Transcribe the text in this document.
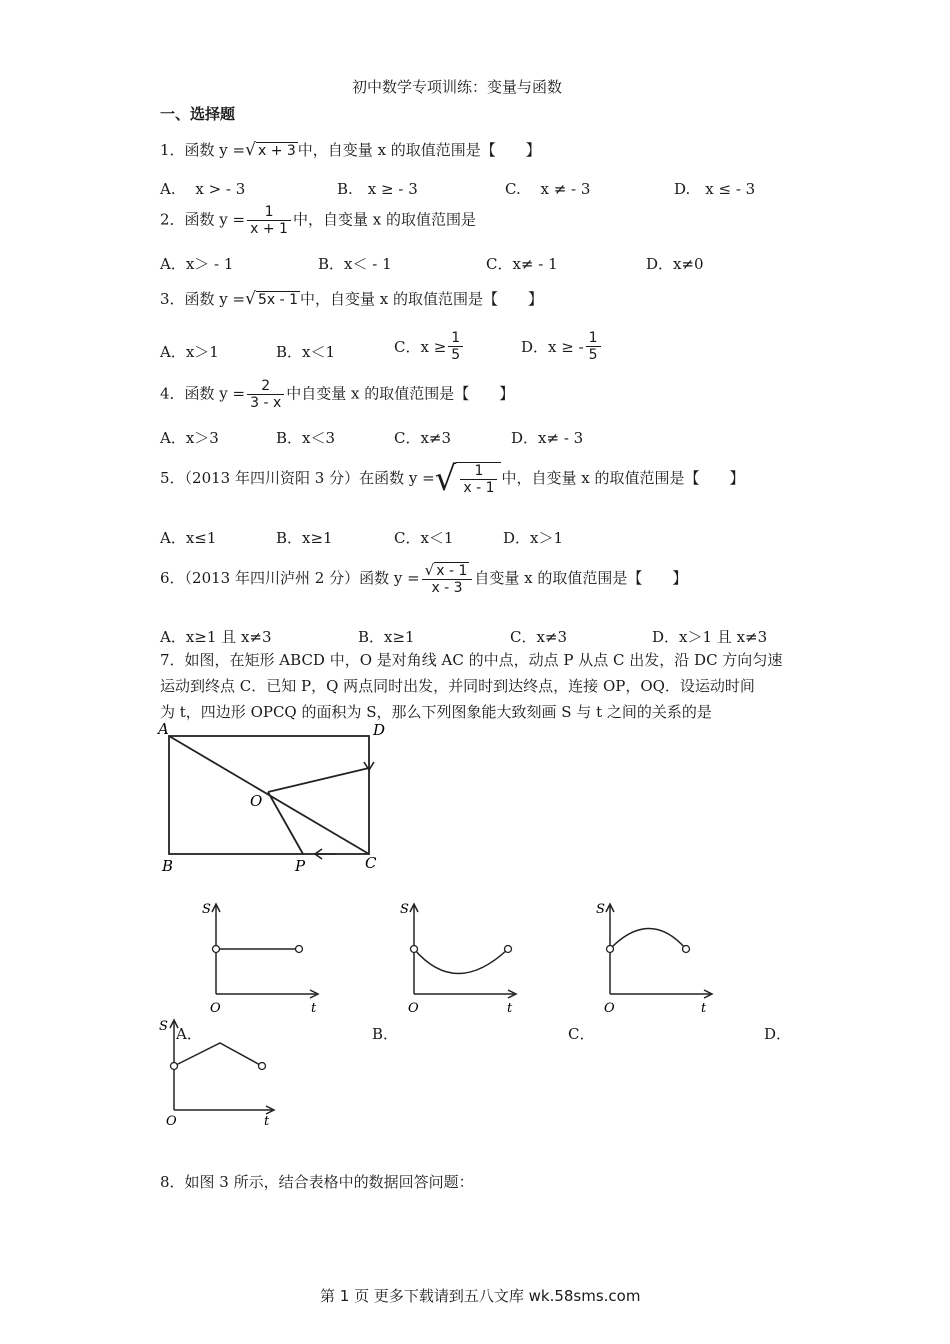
初中数学专项训练：变量与函数
一、选择题
1．函数 y =√ x + 3 中，自变量 x 的取值范围是【　　】
A.　 x > - 3	B.　x ≥ - 3	C.　 x ≠ - 3	D.　x ≤ - 3
2．函数 $y = \frac{1}{x + 1}$ 中，自变量 x 的取值范围是
A．x＞ - 1	B．x＜ - 1	C．x≠ - 1	D．x≠0
3．函数 y =√ 5x - 1 中，自变量 x 的取值范围是【　　】
A．x＞1	B．x＜1	C．$x \ge \frac{1}{5}$	D．x ≥ - $\frac{1}{5}$
4．函数 $y = \frac{2}{3 - x}$ 中自变量 x 的取值范围是【　　】
A．x＞3	B．x＜3	C．x≠3	D．x≠ - 3
5．（2013 年四川资阳 3 分）在函数 y =√ $\frac{1}{x - 1}$ 中，自变量 x 的取值范围是【　　】
A．x≤1	B．x≥1	C．x＜1	D．x＞1
6．（2013 年四川泸州 2 分）函数 $y = \frac{√ x - 1}{x - 3}$ 自变量 x 的取值范围是【　　】
A．x≥1 且 x≠3	B．x≥1	C．x≠3	D．x＞1 且 x≠3
7．如图，在矩形 ABCD 中，O 是对角线 AC 的中点，动点 P 从点 C 出发，沿 DC 方向匀速
运动到终点 C．已知 P，Q 两点同时出发，并同时到达终点，连接 OP，OQ．设运动时间
为 t，四边形 OPCQ 的面积为 S，那么下列图象能大致刻画 S 与 t 之间的关系的是
A	D
B	C
O
P
S
O	t
A．
S
O	t
B．
S
O	t
C．	D．
S
O	t
8．如图 3 所示，结合表格中的数据回答问题：
第 1 页 更多下载请到五八文库 wk.58sms.com
